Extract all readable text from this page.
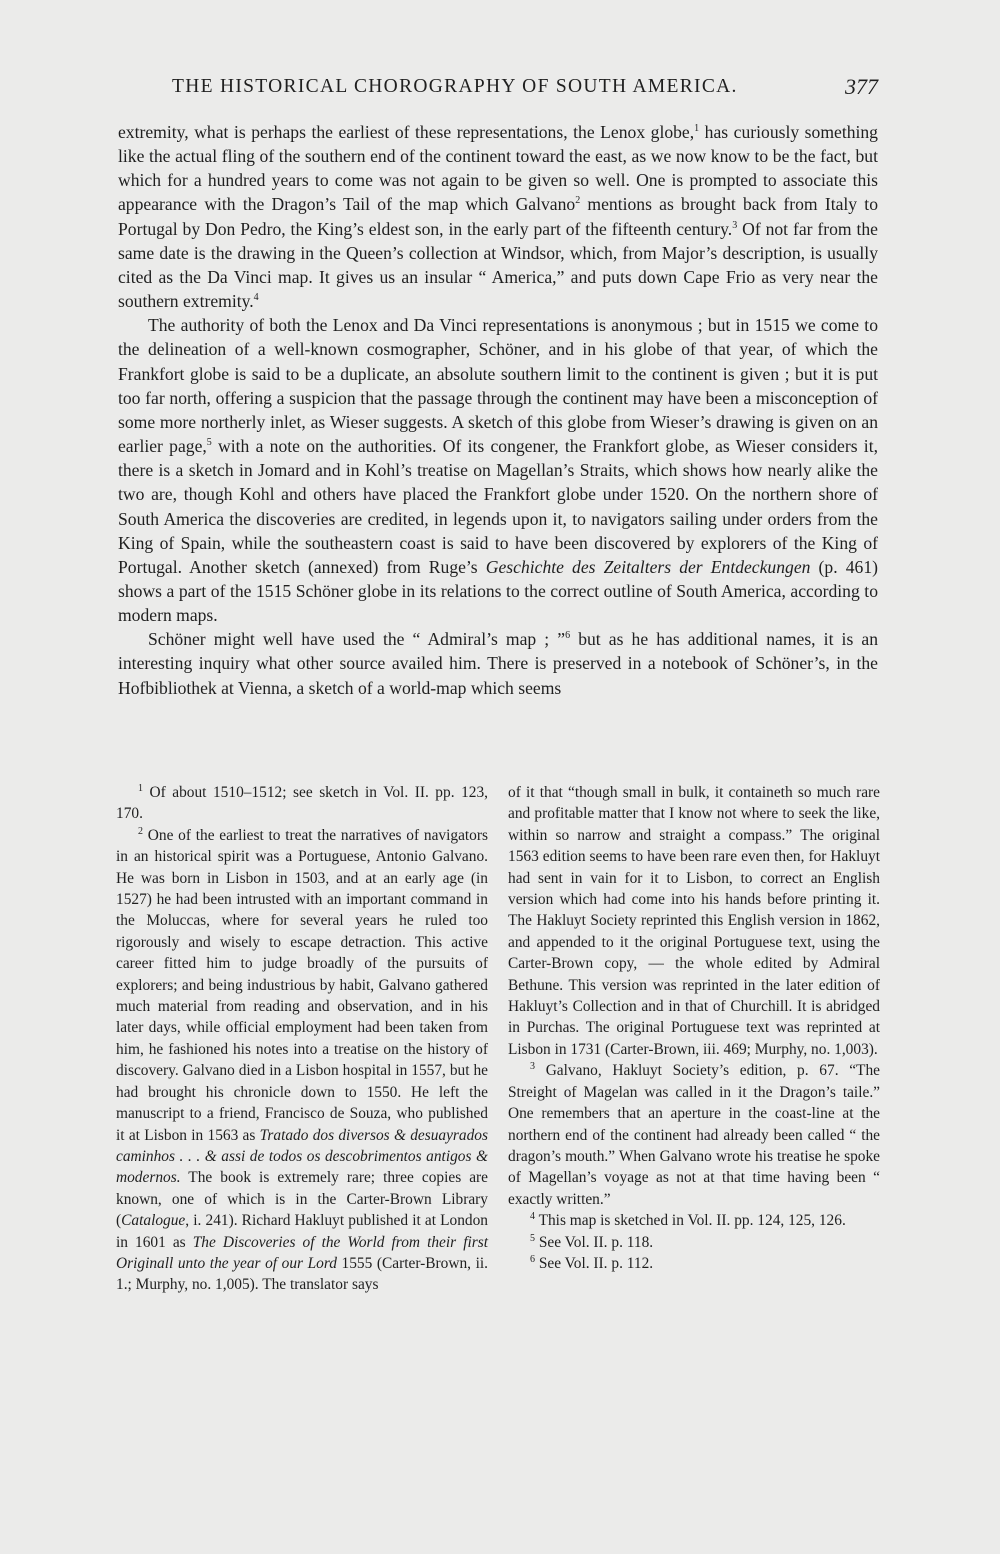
THE HISTORICAL CHOROGRAPHY OF SOUTH AMERICA.	377

extremity, what is perhaps the earliest of these representations, the Lenox globe,$^1$ has curiously something like the actual fling of the southern end of the continent toward the east, as we now know to be the fact, but which for a hundred years to come was not again to be given so well. One is prompted to associate this appearance with the Dragon’s Tail of the map which Galvano$^2$ mentions as brought back from Italy to Portugal by Don Pedro, the King’s eldest son, in the early part of the fifteenth century.$^3$ Of not far from the same date is the drawing in the Queen’s collection at Windsor, which, from Major’s description, is usually cited as the Da Vinci map. It gives us an insular “ America,” and puts down Cape Frio as very near the southern extremity.$^4$

The authority of both the Lenox and Da Vinci representations is anonymous ; but in 1515 we come to the delineation of a well-known cosmographer, Schöner, and in his globe of that year, of which the Frankfort globe is said to be a duplicate, an absolute southern limit to the continent is given ; but it is put too far north, offering a suspicion that the passage through the continent may have been a misconception of some more northerly inlet, as Wieser suggests. A sketch of this globe from Wieser’s drawing is given on an earlier page,$^5$ with a note on the authorities. Of its congener, the Frankfort globe, as Wieser considers it, there is a sketch in Jomard and in Kohl’s treatise on Magellan’s Straits, which shows how nearly alike the two are, though Kohl and others have placed the Frankfort globe under 1520. On the northern shore of South America the discoveries are credited, in legends upon it, to navigators sailing under orders from the King of Spain, while the southeastern coast is said to have been discovered by explorers of the King of Portugal. Another sketch (annexed) from Ruge’s Geschichte des Zeitalters der Entdeckungen (p. 461) shows a part of the 1515 Schöner globe in its relations to the correct outline of South America, according to modern maps.

Schöner might well have used the “ Admiral’s map ; ”$^6$ but as he has additional names, it is an interesting inquiry what other source availed him. There is preserved in a notebook of Schöner’s, in the Hofbibliothek at Vienna, a sketch of a world-map which seems

$^1$ Of about 1510–1512; see sketch in Vol. II. pp. 123, 170.

$^2$ One of the earliest to treat the narratives of navigators in an historical spirit was a Portuguese, Antonio Galvano. He was born in Lisbon in 1503, and at an early age (in 1527) he had been intrusted with an important command in the Moluccas, where for several years he ruled too rigorously and wisely to escape detraction. This active career fitted him to judge broadly of the pursuits of explorers; and being industrious by habit, Galvano gathered much material from reading and observation, and in his later days, while official employment had been taken from him, he fashioned his notes into a treatise on the history of discovery. Galvano died in a Lisbon hospital in 1557, but he had brought his chronicle down to 1550. He left the manuscript to a friend, Francisco de Souza, who published it at Lisbon in 1563 as Tratado dos diversos & desuayrados caminhos . . . & assi de todos os descobrimentos antigos & modernos. The book is extremely rare; three copies are known, one of which is in the Carter-Brown Library (Catalogue, i. 241). Richard Hakluyt published it at London in 1601 as The Discoveries of the World from their first Originall unto the year of our Lord 1555 (Carter-Brown, ii. 1.; Murphy, no. 1,005). The translator says

of it that “though small in bulk, it containeth so much rare and profitable matter that I know not where to seek the like, within so narrow and straight a compass.” The original 1563 edition seems to have been rare even then, for Hakluyt had sent in vain for it to Lisbon, to correct an English version which had come into his hands before printing it. The Hakluyt Society reprinted this English version in 1862, and appended to it the original Portuguese text, using the Carter-Brown copy, — the whole edited by Admiral Bethune. This version was reprinted in the later edition of Hakluyt’s Collection and in that of Churchill. It is abridged in Purchas. The original Portuguese text was reprinted at Lisbon in 1731 (Carter-Brown, iii. 469; Murphy, no. 1,003).

$^3$ Galvano, Hakluyt Society’s edition, p. 67. “The Streight of Magelan was called in it the Dragon’s taile.” One remembers that an aperture in the coast-line at the northern end of the continent had already been called “ the dragon’s mouth.” When Galvano wrote his treatise he spoke of Magellan’s voyage as not at that time having been “ exactly written.”

$^4$ This map is sketched in Vol. II. pp. 124, 125, 126.

$^5$ See Vol. II. p. 118.

$^6$ See Vol. II. p. 112.
